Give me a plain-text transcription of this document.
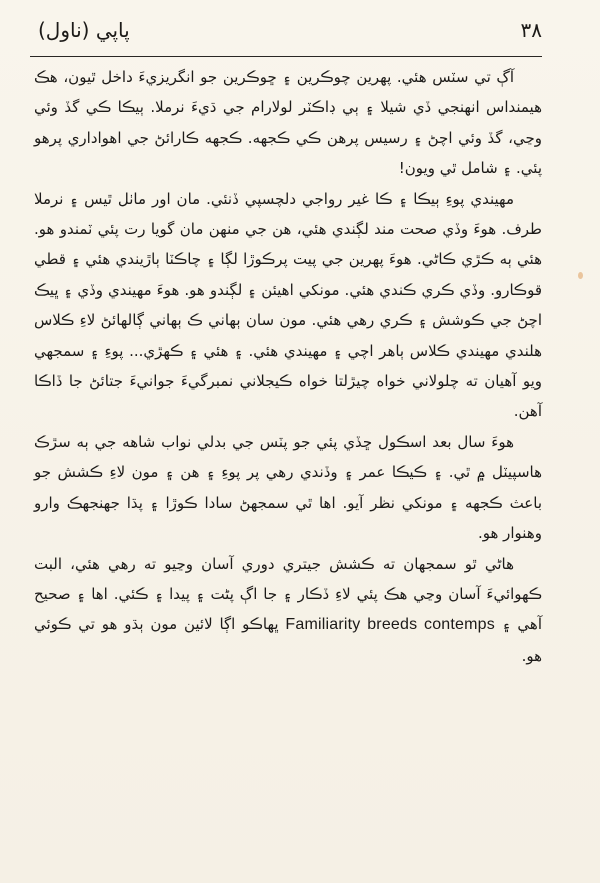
٣٨
پاپي (ناول)

آڳ تي سٽس هئي. پهرين چوڪرين ۽ ڇوڪرين جو انگريزيءَ داخل ٿيون، هڪ هيمنداس انهنجي ڏي شيلا ۽ ٻي ڊاڪٽر لولارام جي ڌيءَ نرملا. ٻيڪا ڪي گڏ وئي وڃي، گڏ وئي اچڻ ۽ رسيس پرهن ڪي ڪجهه. ڪجهه ڪارائڻ جي اهواداري پرهو پئي. ۽ شامل ٿي ويون!

مهيندي پوءِ ٻيڪا ۽ ڪا غير رواجي دلچسپي ڏنئي. مان اور ماٺل ٿيس ۽ نرملا طرف. هوءَ وڏي صحت مند لڳندي هئي، هن جي منهن مان گويا رت پئي ٽمندو هو. هئي ٻه ڪڙي ڪاڻي. هوءَ پهرين جي پيت پرڪوڙا لڳا ۽ چاڪٽا ٻاڙيندي هئي ۽ قطي قوڪارو. وڏي ڪري ڪندي هئي. مونکي اهيئن ۽ لڳندو هو. هوءَ مهيندي وڏي ۽ ڀيڪ اچڻ جي ڪوشش ۽ ڪري رهي هئي. مون سان ٻهاني ڪ ٻهاني ڳالهائڻ لاءِ ڪلاس هلندي مهيندي ڪلاس ٻاهر اچي ۽ مهيندي هئي. ۽ هئي ۽ ڪهڙي... پوءِ ۽ سمجهي ويو آهيان ته چلولاني خواه چيڙلتا خواه ڪيجلاني نمبرگيءَ جوانيءَ جتائڻ جا ڏاڪا آهن.

هوءَ سال بعد اسڪول ڇڏي پئي جو پٽس جي بدلي نواب شاهه جي ٻه سڙڪ هاسپيٽل ۾ ٿي. ۽ ڪيڪا عمر ۽ وڏندي رهي پر پوءِ ۽ هن ۽ مون لاءِ ڪشش جو باعث ڪجهه ۽ مونکي نظر آيو. اها ٿي سمجهڻ سادا ڪوڙا ۽ پڌا جهنجهڪ وارو وهنوار هو.

هاڻي ٿو سمجهان ته ڪشش جيتري دوري آسان وڃيو ته رهي هئي، البت ڪهوائيءَ آسان وڃي هڪ پئي لاءِ ڏڪار ۽ جا اڳ پڻت ۽ پيدا ۽ ڪئي. اها ۽ صحيح آهي ۽ Familiarity breeds contemps ڀهاڪو اڳا لائين مون ٻڌو هو تي ڪوئي هو.
